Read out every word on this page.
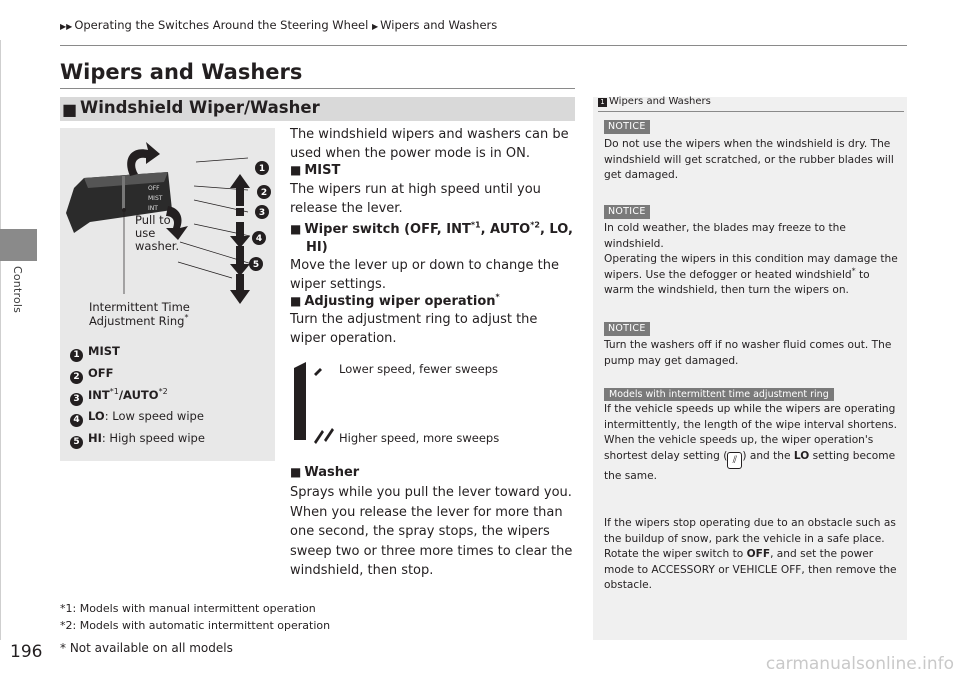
Controls
▶▶ Operating the Switches Around the Steering Wheel ▶ Wipers and Washers
Wipers and Washers
■ Windshield Wiper/Washer
OFF
MIST
INT
1
2
3
4
5
Pull to
use
washer.
Intermittent Time
Adjustment Ring*
1 MIST
2 OFF
3 INT$^{*1}$/AUTO$^{*2}$
4 LO: Low speed wipe
5 HI: High speed wipe
The windshield wipers and washers can be used when the power mode is in ON.
■ MIST
The wipers run at high speed until you release the lever.
■ Wiper switch (OFF, INT$^{*1}$, AUTO$^{*2}$, LO,
HI)
Move the lever up or down to change the wiper settings.
■ Adjusting wiper operation*
Turn the adjustment ring to adjust the wiper operation.
Lower speed, fewer sweeps
Higher speed, more sweeps
■ Washer
Sprays while you pull the lever toward you. When you release the lever for more than one second, the spray stops, the wipers sweep two or three more times to clear the windshield, then stop.
*1: Models with manual intermittent operation
*2: Models with automatic intermittent operation
1 Wipers and Washers
NOTICE
Do not use the wipers when the windshield is dry. The windshield will get scratched, or the rubber blades will get damaged.
NOTICE
In cold weather, the blades may freeze to the windshield.
Operating the wipers in this condition may damage the wipers. Use the defogger or heated windshield* to warm the windshield, then turn the wipers on.
NOTICE
Turn the washers off if no washer fluid comes out. The pump may get damaged.
Models with intermittent time adjustment ring
If the vehicle speeds up while the wipers are operating intermittently, the length of the wipe interval shortens.
When the vehicle speeds up, the wiper operation's shortest delay setting ( ⫽ ) and the LO setting become the same.
If the wipers stop operating due to an obstacle such as the buildup of snow, park the vehicle in a safe place. Rotate the wiper switch to OFF, and set the power mode to ACCESSORY or VEHICLE OFF, then remove the obstacle.
196 * Not available on all models
carmanualsonline.info
